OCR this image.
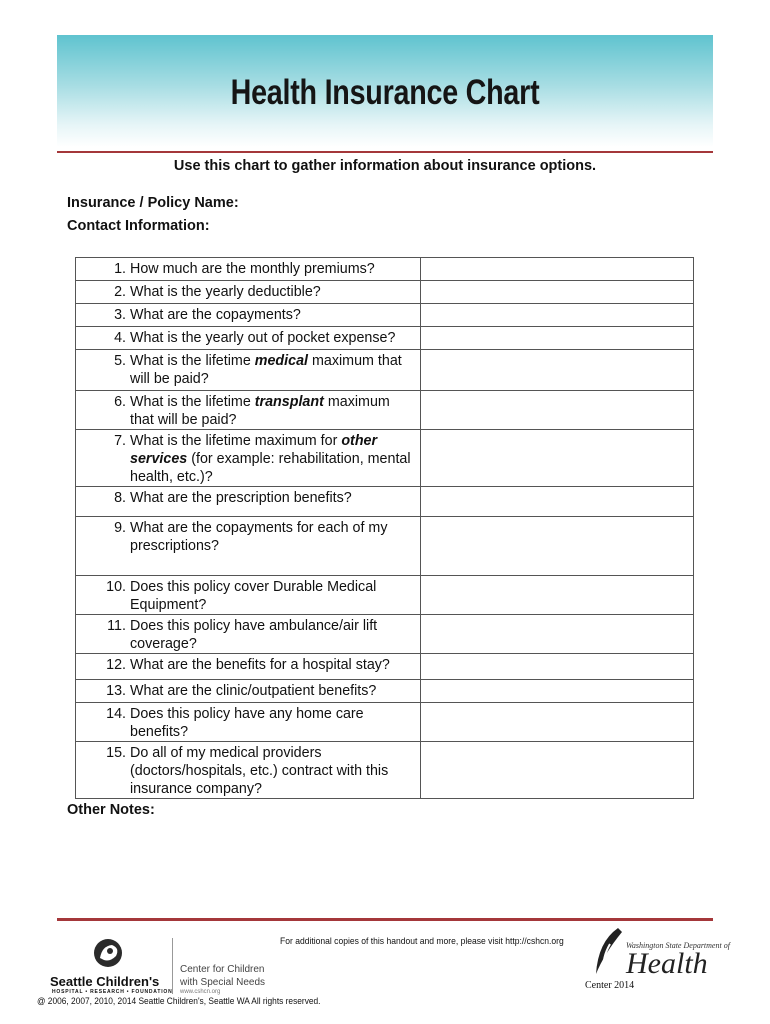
Health Insurance Chart
Use this chart to gather information about insurance options.
Insurance / Policy Name:
Contact Information:
1. How much are the monthly premiums?	

2. What is the yearly deductible?	

3. What are the copayments?	

4. What is the yearly out of pocket expense?	

5. What is the lifetime medical maximum that will be paid?	

6. What is the lifetime transplant maximum that will be paid?	

7. What is the lifetime maximum for other services (for example: rehabilitation, mental health, etc.)?	

8. What are the prescription benefits?	

9. What are the copayments for each of my prescriptions?	

10. Does this policy cover Durable Medical Equipment?	

11. Does this policy have ambulance/air lift coverage?	

12. What are the benefits for a hospital stay?	

13. What are the clinic/outpatient benefits?	

14. Does this policy have any home care benefits?	

15. Do all of my medical providers (doctors/hospitals, etc.) contract with this insurance company?	

Other Notes:
For additional copies of this handout and more, please visit http://cshcn.org
Seattle Children's
HOSPITAL • RESEARCH • FOUNDATION
Center for Children
with Special Needs
www.cshcn.org
Washington State Department of
Health
Center 2014
@ 2006, 2007, 2010, 2014 Seattle Children's, Seattle WA All rights reserved.
